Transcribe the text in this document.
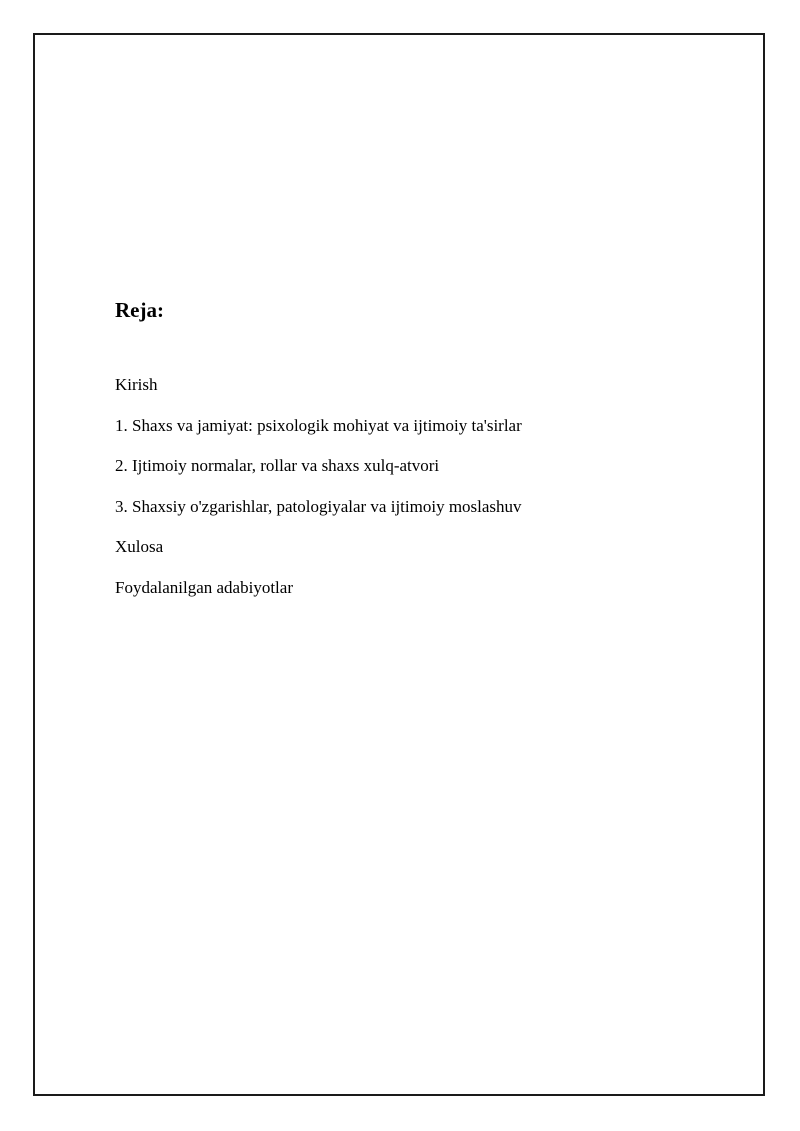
Reja:
Kirish
1. Shaxs va jamiyat: psixologik mohiyat va ijtimoiy ta'sirlar
2. Ijtimoiy normalar, rollar va shaxs xulq-atvori
3. Shaxsiy o'zgarishlar, patologiyalar va ijtimoiy moslashuv
Xulosa
Foydalanilgan adabiyotlar
